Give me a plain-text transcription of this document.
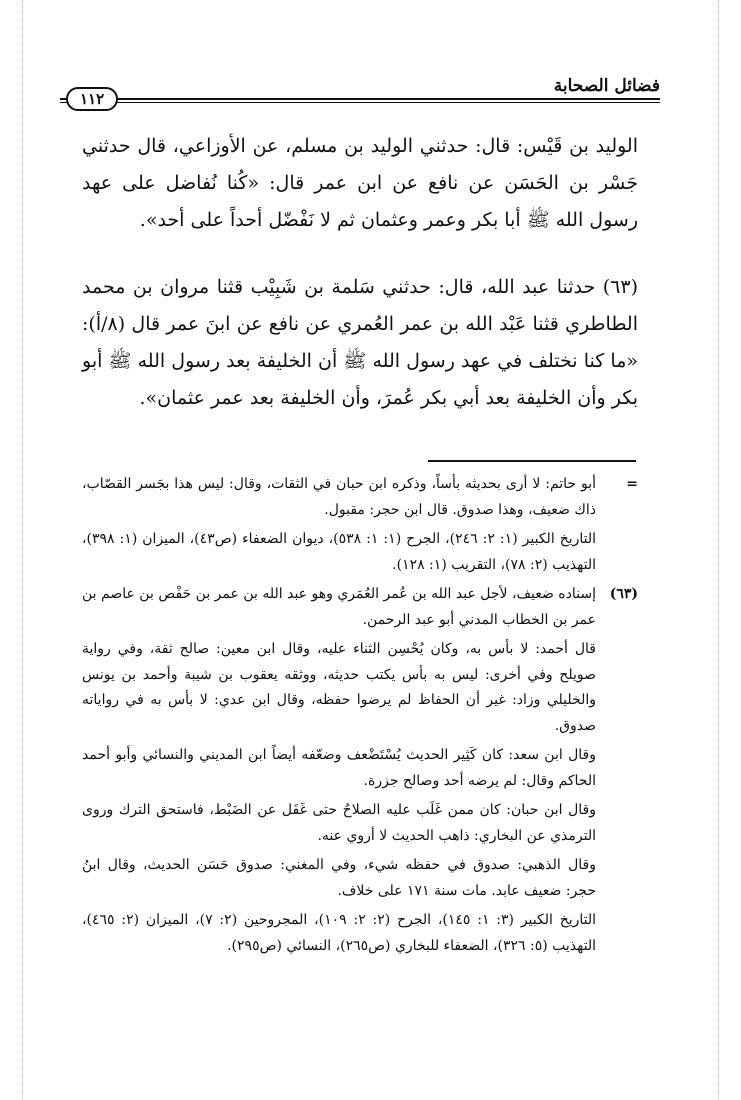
فضائل الصحابة
١١٢

الوليد بن قَيْس: قال: حدثني الوليد بن مسلم، عن الأوزاعي، قال حدثني جَسْر بن الحَسَن عن نافع عن ابن عمر قال: «كُنا نُفاضل على عهد رسول الله ﷺ أبا بكر وعمر وعثمان ثم لا نَفْضّل أحداً على أحد».

(٦٣) حدثنا عبد الله، قال: حدثني سَلمة بن شَبِيْب قثنا مروان بن محمد الطاطري قثنا عَبْد الله بن عمر العُمري عن نافع عن ابنَ عمر قال (٨/أ): «ما كنا نختلف في عهد رسول الله ﷺ أن الخليفة بعد رسول الله ﷺ أبو بكر وأن الخليفة بعد أبي بكر عُمرَ، وأن الخليفة بعد عمر عثمان».

=
أبو حاتم: لا أرى بحديثه بأساً، وذكره ابن حبان في الثقات، وقال: ليس هذا بجَسر القصّاب، ذاك ضعيف، وهذا صدوق. قال ابن حجر: مقبول.
التاريخ الكبير (١: ٢: ٢٤٦)، الجرح (١: ١: ٥٣٨)، ديوان الضعفاء (ص٤٣)، الميزان (١: ٣٩٨)، التهذيب (٢: ٧٨)، التقريب (١: ١٢٨).
(٦٣)
إسناده ضعيف، لأجل عبد الله بن عُمر العُمَري وهو عبد الله بن عمر بن حَفْص بن عاصم بن عمر بن الخطاب المدني أبو عبد الرحمن.
قال أحمد: لا بأس به، وكان يُحْسِن الثناء عليه، وقال ابن معين: صالح ثقة، وفي رواية صويلح وفي أخرى: ليس به بأس يكتب حديثه، ووثقه يعقوب بن شيبة وأحمد بن يونس والخليلي وزاد: غير أن الحفاظ لم يرضوا حفظه، وقال ابن عدي: لا بأس به في رواياته صدوق.
وقال ابن سعد: كان كَثِير الحديث يُسْتَضْعف وضعّفه أيضاً ابن المديني والنسائي وأبو أحمد الحاكم وقال: لم يرضه أحد وصالح جزرة.
وقال ابن حبان: كان ممن غَلَب عليه الصلاحُ حتى غَفَل عن الضَبْط، فاستحق الترك وروى الترمذي عن البخاري: ذاهب الحديث لا أروي عنه.
وقال الذهبي: صدوق في حفظه شيء، وفي المغني: صدوق حَسَن الحديث، وقال ابنُ حجر: ضعيف عابد. مات سنة ١٧١ على خلاف.
التاريخ الكبير (٣: ١: ١٤٥)، الجرح (٢: ٢: ١٠٩)، المجروحين (٢: ٧)، الميزان (٢: ٤٦٥)، التهذيب (٥: ٣٢٦)، الضعفاء للبخاري (ص٢٦٥)، النسائي (ص٢٩٥).
